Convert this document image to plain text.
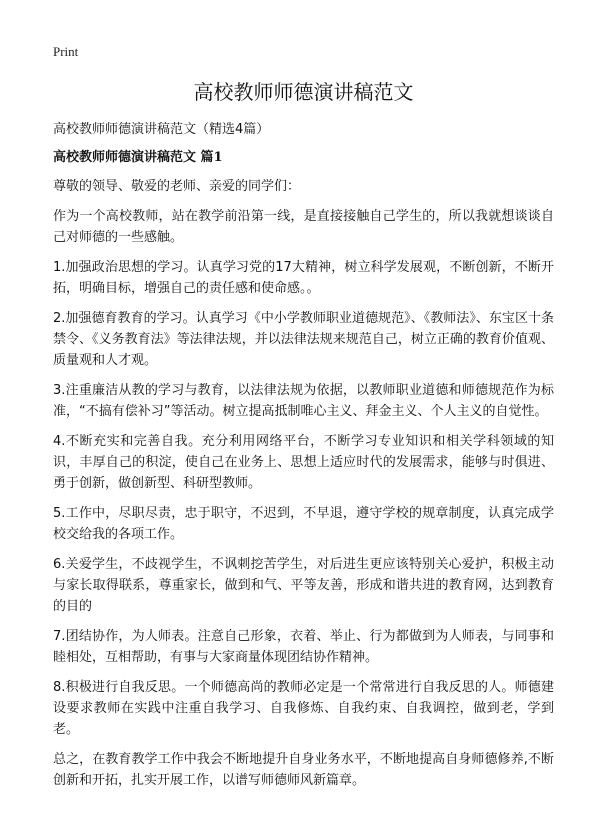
Print
高校教师师德演讲稿范文

高校教师师德演讲稿范文（精选4篇）

高校教师师德演讲稿范文 篇1

尊敬的领导、敬爱的老师、亲爱的同学们：

作为一个高校教师，站在教学前沿第一线，是直接接触自己学生的，所以我就想谈谈自己对师德的一些感触。

1.加强政治思想的学习。认真学习党的17大精神，树立科学发展观，不断创新，不断开拓，明确目标，增强自己的责任感和使命感。。

2.加强德育教育的学习。认真学习《中小学教师职业道德规范》、《教师法》、东宝区十条禁令、《义务教育法》等法律法规，并以法律法规来规范自己，树立正确的教育价值观、质量观和人才观。

3.注重廉洁从教的学习与教育，以法律法规为依据，以教师职业道德和师德规范作为标准，“不搞有偿补习”等活动。树立提高抵制唯心主义、拜金主义、个人主义的自觉性。

4.不断充实和完善自我。充分利用网络平台，不断学习专业知识和相关学科领域的知识，丰厚自己的积淀，使自己在业务上、思想上适应时代的发展需求，能够与时俱进、勇于创新，做创新型、科研型教师。

5.工作中，尽职尽责，忠于职守，不迟到，不早退，遵守学校的规章制度，认真完成学校交给我的各项工作。

6.关爱学生，不歧视学生，不讽刺挖苦学生，对后进生更应该特别关心爱护，积极主动与家长取得联系，尊重家长，做到和气、平等友善，形成和谐共进的教育网，达到教育的目的

7.团结协作，为人师表。注意自己形象，衣着、举止、行为都做到为人师表，与同事和睦相处，互相帮助，有事与大家商量体现团结协作精神。

8.积极进行自我反思。一个师德高尚的教师必定是一个常常进行自我反思的人。师德建设要求教师在实践中注重自我学习、自我修炼、自我约束、自我调控，做到老，学到老。

总之，在教育教学工作中我会不断地提升自身业务水平，不断地提高自身师德修养,不断创新和开拓，扎实开展工作，以谱写师德师风新篇章。
